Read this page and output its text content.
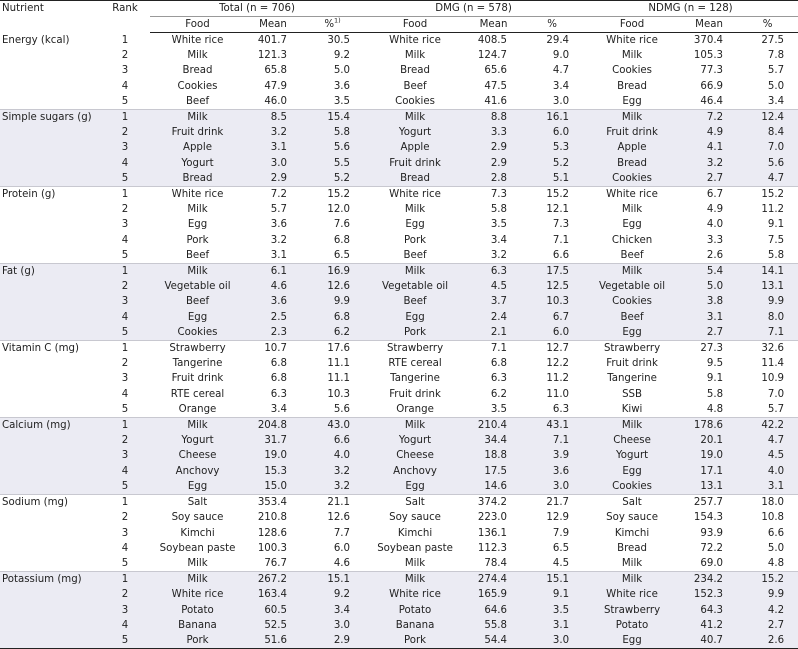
Nutrient	Rank	Total (n = 706)			DMG (n = 578)			NDMG (n = 128)		
		Food	Mean	%$^{1)}$	Food	Mean	%	Food	Mean	%
Energy (kcal)	1	White rice	401.7	30.5	White rice	408.5	29.4	White rice	370.4	27.5
	2	Milk	121.3	9.2	Milk	124.7	9.0	Milk	105.3	7.8
	3	Bread	65.8	5.0	Bread	65.6	4.7	Cookies	77.3	5.7
	4	Cookies	47.9	3.6	Beef	47.5	3.4	Bread	66.9	5.0
	5	Beef	46.0	3.5	Cookies	41.6	3.0	Egg	46.4	3.4
Simple sugars (g)	1	Milk	8.5	15.4	Milk	8.8	16.1	Milk	7.2	12.4
	2	Fruit drink	3.2	5.8	Yogurt	3.3	6.0	Fruit drink	4.9	8.4
	3	Apple	3.1	5.6	Apple	2.9	5.3	Apple	4.1	7.0
	4	Yogurt	3.0	5.5	Fruit drink	2.9	5.2	Bread	3.2	5.6
	5	Bread	2.9	5.2	Bread	2.8	5.1	Cookies	2.7	4.7
Protein (g)	1	White rice	7.2	15.2	White rice	7.3	15.2	White rice	6.7	15.2
	2	Milk	5.7	12.0	Milk	5.8	12.1	Milk	4.9	11.2
	3	Egg	3.6	7.6	Egg	3.5	7.3	Egg	4.0	9.1
	4	Pork	3.2	6.8	Pork	3.4	7.1	Chicken	3.3	7.5
	5	Beef	3.1	6.5	Beef	3.2	6.6	Beef	2.6	5.8
Fat (g)	1	Milk	6.1	16.9	Milk	6.3	17.5	Milk	5.4	14.1
	2	Vegetable oil	4.6	12.6	Vegetable oil	4.5	12.5	Vegetable oil	5.0	13.1
	3	Beef	3.6	9.9	Beef	3.7	10.3	Cookies	3.8	9.9
	4	Egg	2.5	6.8	Egg	2.4	6.7	Beef	3.1	8.0
	5	Cookies	2.3	6.2	Pork	2.1	6.0	Egg	2.7	7.1
Vitamin C (mg)	1	Strawberry	10.7	17.6	Strawberry	7.1	12.7	Strawberry	27.3	32.6
	2	Tangerine	6.8	11.1	RTE cereal	6.8	12.2	Fruit drink	9.5	11.4
	3	Fruit drink	6.8	11.1	Tangerine	6.3	11.2	Tangerine	9.1	10.9
	4	RTE cereal	6.3	10.3	Fruit drink	6.2	11.0	SSB	5.8	7.0
	5	Orange	3.4	5.6	Orange	3.5	6.3	Kiwi	4.8	5.7
Calcium (mg)	1	Milk	204.8	43.0	Milk	210.4	43.1	Milk	178.6	42.2
	2	Yogurt	31.7	6.6	Yogurt	34.4	7.1	Cheese	20.1	4.7
	3	Cheese	19.0	4.0	Cheese	18.8	3.9	Yogurt	19.0	4.5
	4	Anchovy	15.3	3.2	Anchovy	17.5	3.6	Egg	17.1	4.0
	5	Egg	15.0	3.2	Egg	14.6	3.0	Cookies	13.1	3.1
Sodium (mg)	1	Salt	353.4	21.1	Salt	374.2	21.7	Salt	257.7	18.0
	2	Soy sauce	210.8	12.6	Soy sauce	223.0	12.9	Soy sauce	154.3	10.8
	3	Kimchi	128.6	7.7	Kimchi	136.1	7.9	Kimchi	93.9	6.6
	4	Soybean paste	100.3	6.0	Soybean paste	112.3	6.5	Bread	72.2	5.0
	5	Milk	76.7	4.6	Milk	78.4	4.5	Milk	69.0	4.8
Potassium (mg)	1	Milk	267.2	15.1	Milk	274.4	15.1	Milk	234.2	15.2
	2	White rice	163.4	9.2	White rice	165.9	9.1	White rice	152.3	9.9
	3	Potato	60.5	3.4	Potato	64.6	3.5	Strawberry	64.3	4.2
	4	Banana	52.5	3.0	Banana	55.8	3.1	Potato	41.2	2.7
	5	Pork	51.6	2.9	Pork	54.4	3.0	Egg	40.7	2.6
